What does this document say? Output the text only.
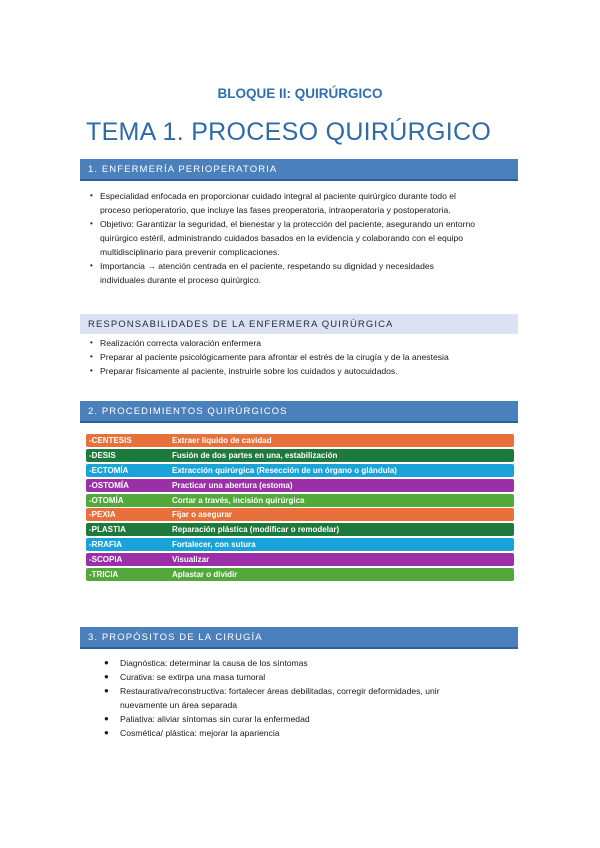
BLOQUE II: QUIRÚRGICO
TEMA 1. PROCESO QUIRÚRGICO
1. ENFERMERÍA PERIOPERATORIA
• Especialidad enfocada en proporcionar cuidado integral al paciente quirúrgico durante todo el
proceso perioperatorio, que incluye las fases preoperatoria, intraoperatoria y postoperatoria.
• Objetivo: Garantizar la seguridad, el bienestar y la protección del paciente, asegurando un entorno
quirúrgico estéril, administrando cuidados basados en la evidencia y colaborando con el equipo
multidisciplinario para prevenir complicaciones.
• Importancia → atención centrada en el paciente, respetando su dignidad y necesidades
individuales durante el proceso quirúrgico.
RESPONSABILIDADES DE LA ENFERMERA QUIRÚRGICA
• Realización correcta valoración enfermera
• Preparar al paciente psicológicamente para afrontar el estrés de la cirugía y de la anestesia
• Preparar físicamente al paciente, instruirle sobre los cuidados y autocuidados.
2. PROCEDIMIENTOS QUIRÚRGICOS
-CENTESIS	Extraer líquido de cavidad
-DESIS	Fusión de dos partes en una, estabilización
-ECTOMÍA	Extracción quirúrgica (Resección de un órgano o glándula)
-OSTOMÍA	Practicar una abertura (estoma)
-OTOMÍA	Cortar a través, incisión quirúrgica
-PEXIA	Fijar o asegurar
-PLASTIA	Reparación plástica (modificar o remodelar)
-RRAFIA	Fortalecer, con sutura
-SCOPIA	Visualizar
-TRICIA	Aplastar o dividir
3. PROPÓSITOS DE LA CIRUGÍA
● Diagnóstica: determinar la causa de los síntomas
● Curativa: se extirpa una masa tumoral
● Restaurativa/reconstructiva: fortalecer áreas debilitadas, corregir deformidades, unir
nuevamente un área separada
● Paliativa: aliviar síntomas sin curar la enfermedad
● Cosmética/ plástica: mejorar la apariencia
